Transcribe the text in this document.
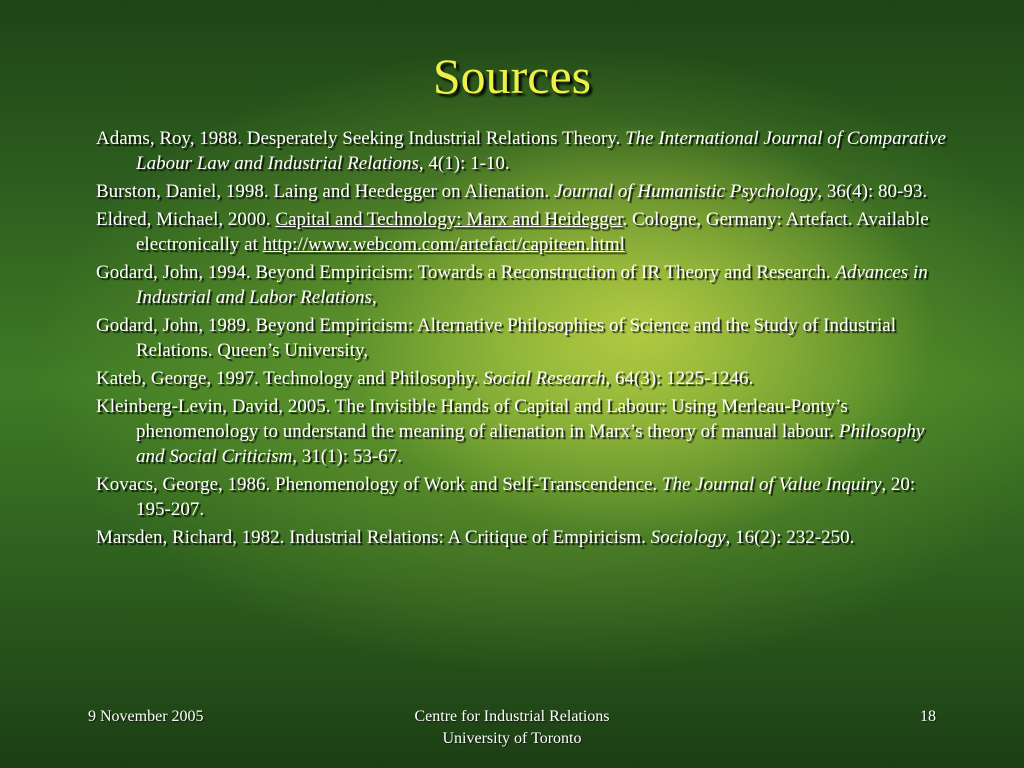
Sources
Adams, Roy, 1988. Desperately Seeking Industrial Relations Theory. The International Journal of Comparative Labour Law and Industrial Relations, 4(1): 1-10.
Burston, Daniel, 1998. Laing and Heedegger on Alienation. Journal of Humanistic Psychology, 36(4): 80-93.
Eldred, Michael, 2000. Capital and Technology: Marx and Heidegger. Cologne, Germany: Artefact. Available electronically at http://www.webcom.com/artefact/capiteen.html
Godard, John, 1994. Beyond Empiricism: Towards a Reconstruction of IR Theory and Research. Advances in Industrial and Labor Relations,
Godard, John, 1989. Beyond Empiricism: Alternative Philosophies of Science and the Study of Industrial Relations. Queen’s University,
Kateb, George, 1997. Technology and Philosophy. Social Research, 64(3): 1225-1246.
Kleinberg-Levin, David, 2005. The Invisible Hands of Capital and Labour: Using Merleau-Ponty’s phenomenology to understand the meaning of alienation in Marx’s theory of manual labour. Philosophy and Social Criticism, 31(1): 53-67.
Kovacs, George, 1986. Phenomenology of Work and Self-Transcendence. The Journal of Value Inquiry, 20: 195-207.
Marsden, Richard, 1982. Industrial Relations: A Critique of Empiricism. Sociology, 16(2): 232-250.
9 November 2005	Centre for Industrial Relations
University of Toronto
18
